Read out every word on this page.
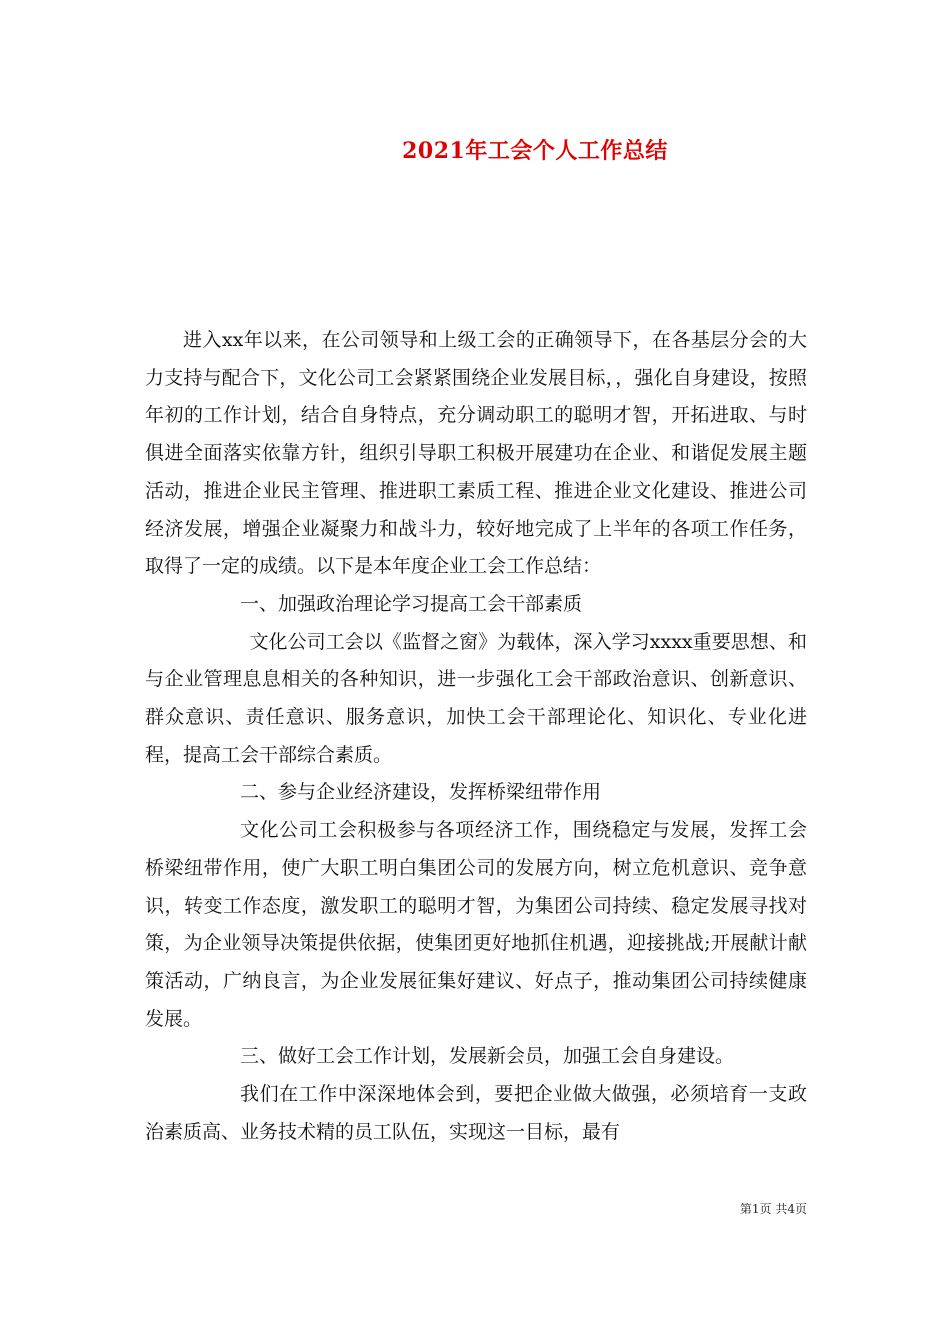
2021年工会个人工作总结

进入xx年以来，在公司领导和上级工会的正确领导下，在各基层分会的大力支持与配合下，文化公司工会紧紧围绕企业发展目标，，强化自身建设，按照年初的工作计划，结合自身特点，充分调动职工的聪明才智，开拓进取、与时俱进全面落实依靠方针，组织引导职工积极开展建功在企业、和谐促发展主题活动，推进企业民主管理、推进职工素质工程、推进企业文化建设、推进公司经济发展，增强企业凝聚力和战斗力，较好地完成了上半年的各项工作任务，取得了一定的成绩。以下是本年度企业工会工作总结：

一、加强政治理论学习提高工会干部素质

文化公司工会以《监督之窗》为载体，深入学习xxxx重要思想、和与企业管理息息相关的各种知识，进一步强化工会干部政治意识、创新意识、群众意识、责任意识、服务意识，加快工会干部理论化、知识化、专业化进程，提高工会干部综合素质。

二、参与企业经济建设，发挥桥梁纽带作用

文化公司工会积极参与各项经济工作，围绕稳定与发展，发挥工会桥梁纽带作用，使广大职工明白集团公司的发展方向，树立危机意识、竞争意识，转变工作态度，激发职工的聪明才智，为集团公司持续、稳定发展寻找对策，为企业领导决策提供依据，使集团更好地抓住机遇，迎接挑战;开展献计献策活动，广纳良言，为企业发展征集好建议、好点子，推动集团公司持续健康发展。

三、做好工会工作计划，发展新会员，加强工会自身建设。

我们在工作中深深地体会到，要把企业做大做强，必须培育一支政治素质高、业务技术精的员工队伍，实现这一目标，最有

第1页 共4页
